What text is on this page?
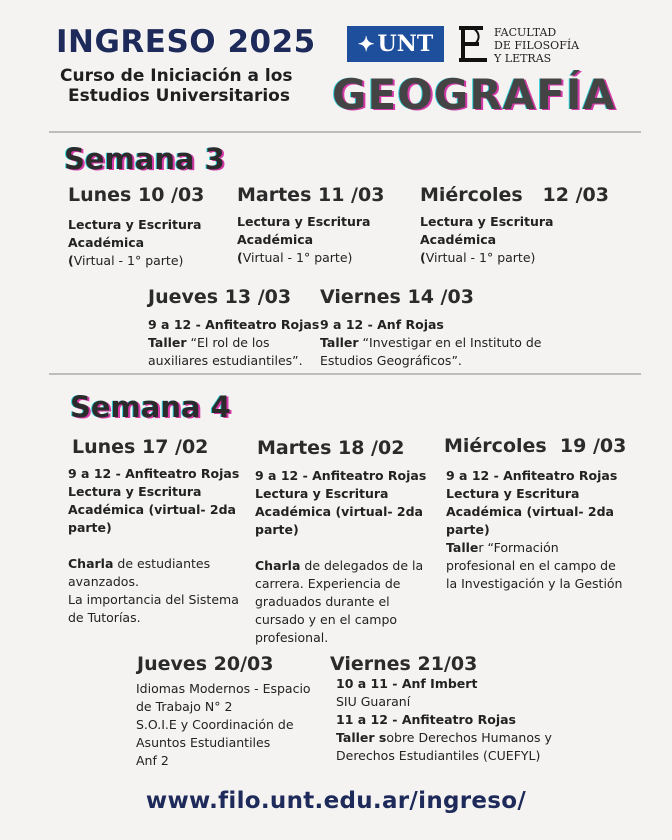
INGRESO 2025
Curso de Iniciación a los
Estudios Universitarios
✦ UNT	FACULTAD
DE FILOSOFÍA
Y LETRAS
GEOGRAFÍA
Semana 3
Lunes 10 /03
Lectura y Escritura
Académica
(Virtual - 1° parte)
Martes 11 /03
Lectura y Escritura
Académica
(Virtual - 1° parte)
Miércoles   12 /03
Lectura y Escritura
Académica
(Virtual - 1° parte)
Jueves 13 /03
9 a 12 - Anfiteatro Rojas
Taller “El rol de los
auxiliares estudiantiles”.
Viernes 14 /03
9 a 12 - Anf Rojas
Taller “Investigar en el Instituto de
Estudios Geográficos”.
Semana 4
Lunes 17 /02
9 a 12 - Anfiteatro Rojas
Lectura y Escritura
Académica (virtual- 2da
parte)
Charla de estudiantes
avanzados.
La importancia del Sistema
de Tutorías.
Martes 18 /02
9 a 12 - Anfiteatro Rojas
Lectura y Escritura
Académica (virtual- 2da
parte)
Charla de delegados de la
carrera. Experiencia de
graduados durante el
cursado y en el campo
profesional.
Miércoles  19 /03
9 a 12 - Anfiteatro Rojas
Lectura y Escritura
Académica (virtual- 2da
parte)
Taller “Formación
profesional en el campo de
la Investigación y la Gestión
Jueves 20/03
Idiomas Modernos - Espacio
de Trabajo N° 2
S.O.I.E y Coordinación de
Asuntos Estudiantiles
Anf 2
Viernes 21/03
10 a 11 - Anf Imbert
SIU Guaraní
11 a 12 - Anfiteatro Rojas
Taller sobre Derechos Humanos y
Derechos Estudiantiles (CUEFYL)
www.filo.unt.edu.ar/ingreso/
